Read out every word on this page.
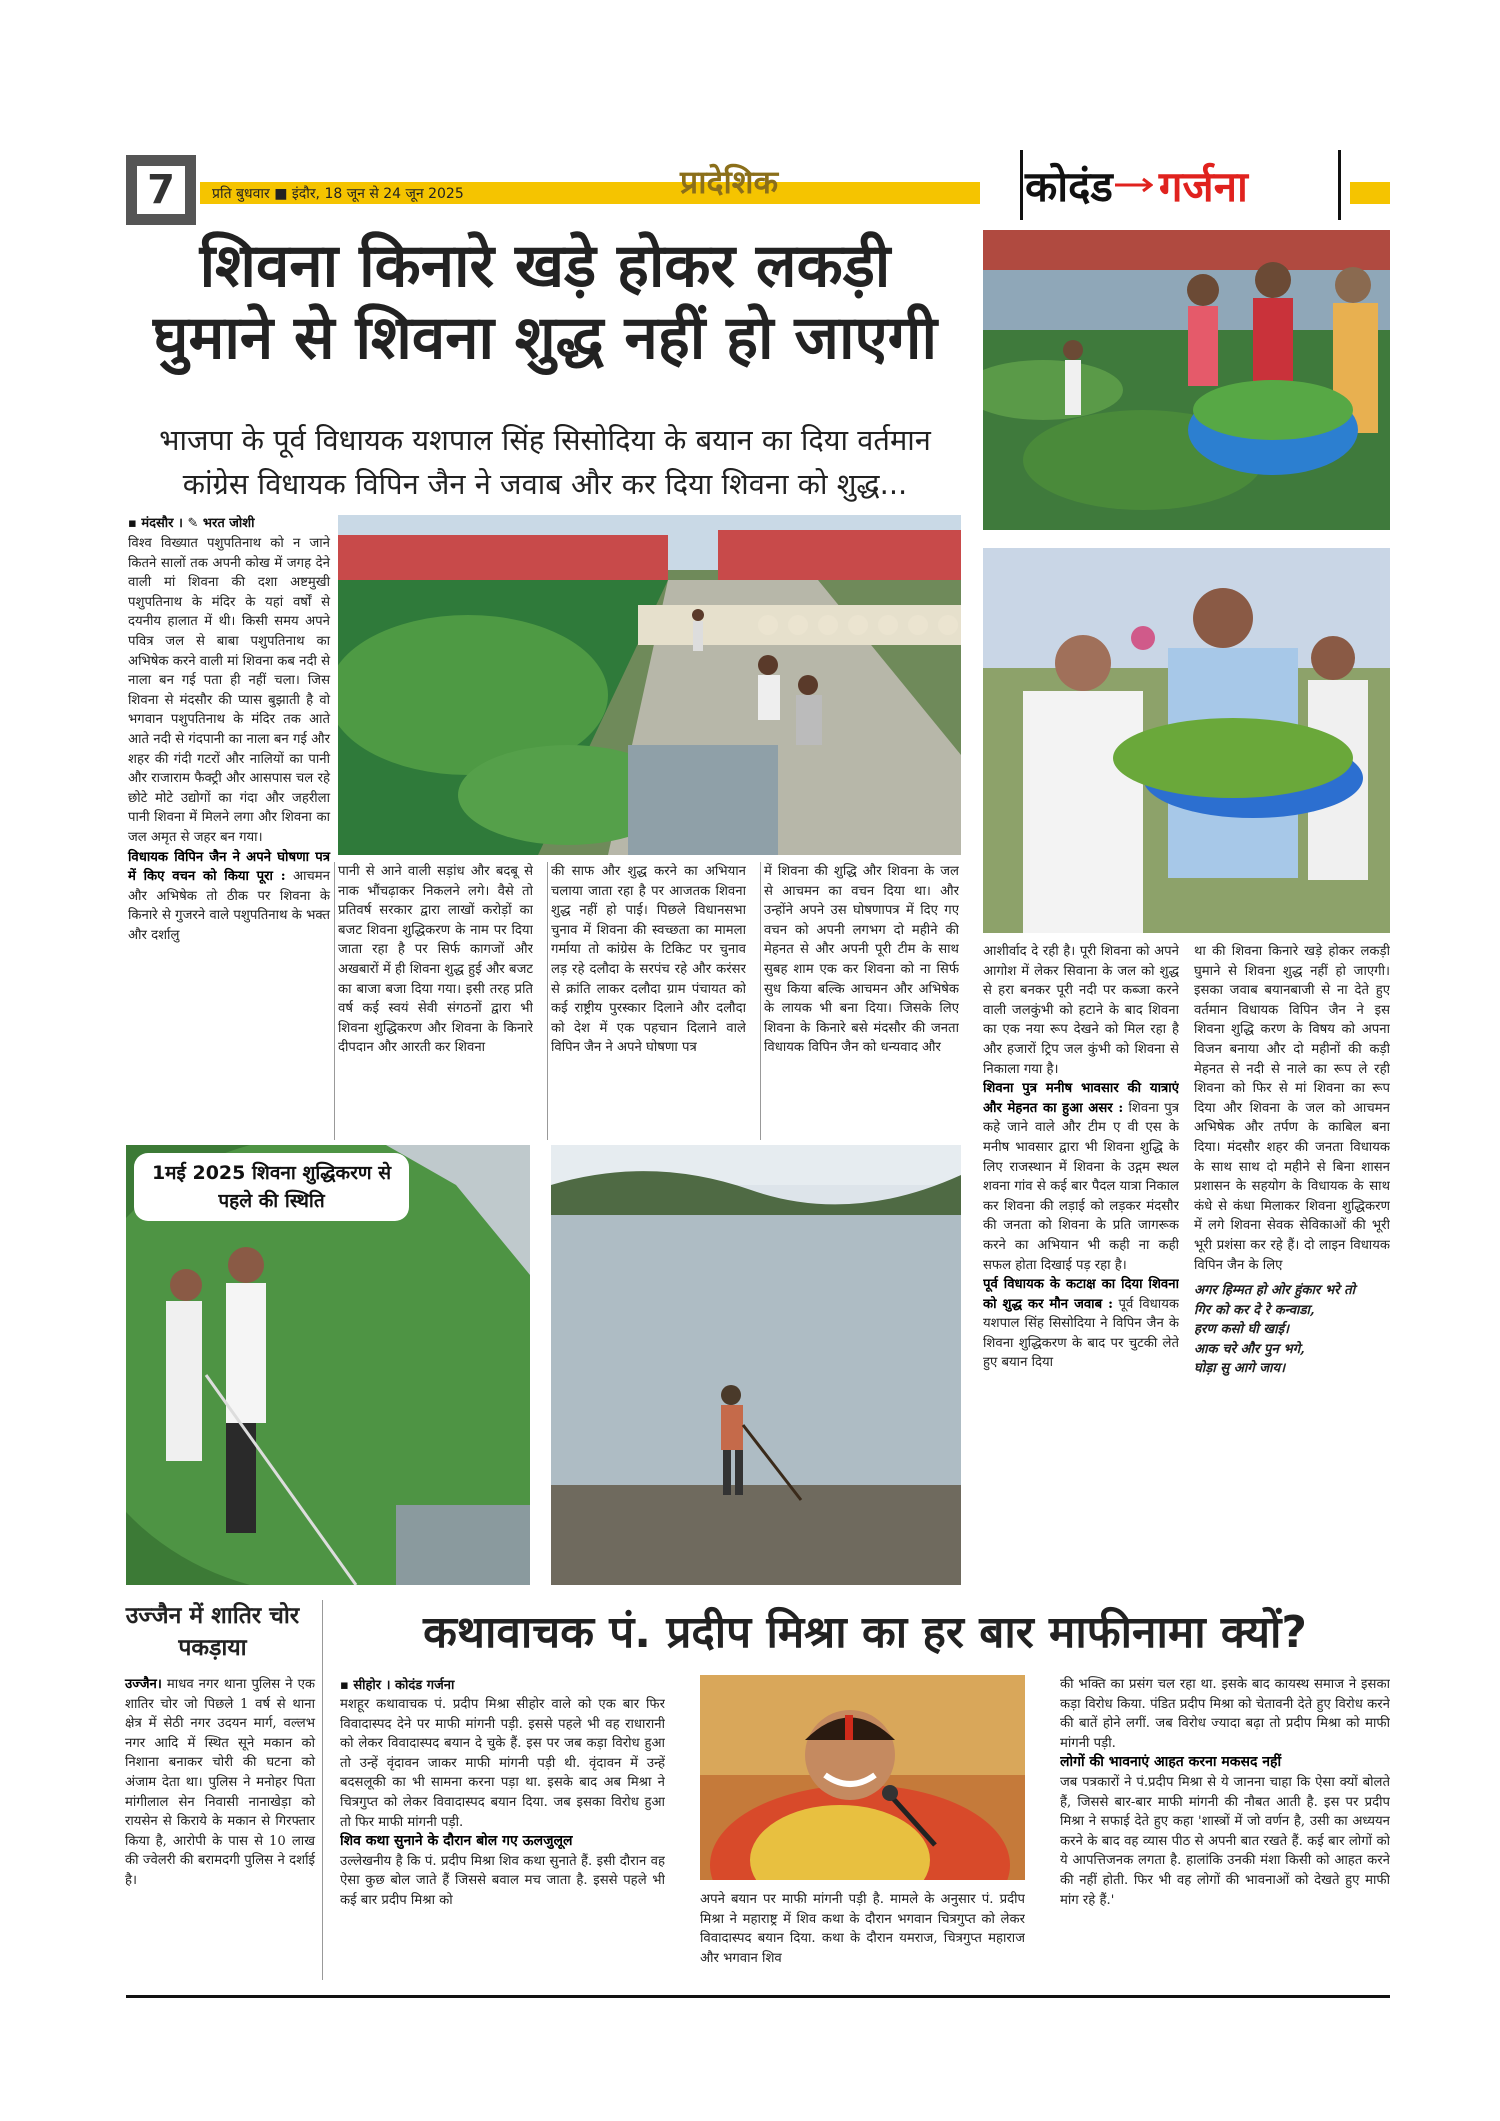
7	प्रति बुधवार ■ इंदौर, 18 जून से 24 जून 2025	प्रादेशिक	कोदंड गर्जना
शिवना किनारे खड़े होकर लकड़ी
घुमाने से शिवना शुद्ध नहीं हो जाएगी
भाजपा के पूर्व विधायक यशपाल सिंह सिसोदिया के बयान का दिया वर्तमान
कांग्रेस विधायक विपिन जैन ने जवाब और कर दिया शिवना को शुद्ध...
▪ मंदसौर । ✎ भरत जोशी
विश्व विख्यात पशुपतिनाथ को न जाने कितने सालों तक अपनी कोख में जगह देने वाली मां शिवना की दशा अष्टमुखी पशुपतिनाथ के मंदिर के यहां वर्षों से दयनीय हालात में थी। किसी समय अपने पवित्र जल से बाबा पशुपतिनाथ का अभिषेक करने वाली मां शिवना कब नदी से नाला बन गई पता ही नहीं चला। जिस शिवना से मंदसौर की प्यास बुझाती है वो भगवान पशुपतिनाथ के मंदिर तक आते आते नदी से गंदपानी का नाला बन गई और शहर की गंदी गटरों और नालियों का पानी और राजाराम फैक्ट्री और आसपास चल रहे छोटे मोटे उद्योगों का गंदा और जहरीला पानी शिवना में मिलने लगा और शिवना का जल अमृत से जहर बन गया।
विधायक विपिन जैन ने अपने घोषणा पत्र में किए वचन को किया पूरा : आचमन और अभिषेक तो ठीक पर शिवना के किनारे से गुजरने वाले पशुपतिनाथ के भक्त और दर्शालु
पानी से आने वाली सड़ांध और बदबू से नाक भौंचढ़ाकर निकलने लगे। वैसे तो प्रतिवर्ष सरकार द्वारा लाखों करोड़ों का बजट शिवना शुद्धिकरण के नाम पर दिया जाता रहा है पर सिर्फ कागजों और अखबारों में ही शिवना शुद्ध हुई और बजट का बाजा बजा दिया गया। इसी तरह प्रति वर्ष कई स्वयं सेवी संगठनों द्वारा भी शिवना शुद्धिकरण और शिवना के किनारे दीपदान और आरती कर शिवना
की साफ और शुद्ध करने का अभियान चलाया जाता रहा है पर आजतक शिवना शुद्ध नहीं हो पाई। पिछले विधानसभा चुनाव में शिवना की स्वच्छता का मामला गर्माया तो कांग्रेस के टिकिट पर चुनाव लड़ रहे दलौदा के सरपंच रहे और करंसर से क्रांति लाकर दलौदा ग्राम पंचायत को कई राष्ट्रीय पुरस्कार दिलाने और दलौदा को देश में एक पहचान दिलाने वाले विपिन जैन ने अपने घोषणा पत्र
में शिवना की शुद्धि और शिवना के जल से आचमन का वचन दिया था। और उन्होंने अपने उस घोषणापत्र में दिए गए वचन को अपनी लगभग दो महीने की मेहनत से और अपनी पूरी टीम के साथ सुबह शाम एक कर शिवना को ना सिर्फ सुध किया बल्कि आचमन और अभिषेक के लायक भी बना दिया। जिसके लिए शिवना के किनारे बसे मंदसौर की जनता विधायक विपिन जैन को धन्यवाद और
आशीर्वाद दे रही है। पूरी शिवना को अपने आगोश में लेकर सिवाना के जल को शुद्ध से हरा बनकर पूरी नदी पर कब्जा करने वाली जलकुंभी को हटाने के बाद शिवना का एक नया रूप देखने को मिल रहा है और हजारों ट्रिप जल कुंभी को शिवना से निकाला गया है।
शिवना पुत्र मनीष भावसार की यात्राएं और मेहनत का हुआ असर : शिवना पुत्र कहे जाने वाले और टीम ए वी एस के मनीष भावसार द्वारा भी शिवना शुद्धि के लिए राजस्थान में शिवना के उद्गम स्थल शवना गांव से कई बार पैदल यात्रा निकाल कर शिवना की लड़ाई को लड़कर मंदसौर की जनता को शिवना के प्रति जागरूक करने का अभियान भी कही ना कही सफल होता दिखाई पड़ रहा है।
पूर्व विधायक के कटाक्ष का दिया शिवना को शुद्ध कर मौन जवाब : पूर्व विधायक यशपाल सिंह सिसोदिया ने विपिन जैन के शिवना शुद्धिकरण के बाद पर चुटकी लेते हुए बयान दिया
था की शिवना किनारे खड़े होकर लकड़ी घुमाने से शिवना शुद्ध नहीं हो जाएगी। इसका जवाब बयानबाजी से ना देते हुए वर्तमान विधायक विपिन जैन ने इस शिवना शुद्धि करण के विषय को अपना विजन बनाया और दो महीनों की कड़ी मेहनत से नदी से नाले का रूप ले रही शिवना को फिर से मां शिवना का रूप दिया और शिवना के जल को आचमन अभिषेक और तर्पण के काबिल बना दिया। मंदसौर शहर की जनता विधायक के साथ साथ दो महीने से बिना शासन प्रशासन के सहयोग के विधायक के साथ कंधे से कंधा मिलाकर शिवना शुद्धिकरण में लगे शिवना सेवक सेविकाओं की भूरी भूरी प्रशंसा कर रहे हैं। दो लाइन विधायक विपिन जैन के लिए
अगर हिम्मत हो ओर हुंकार भरे तो
गिर को कर दे रे कन्वाडा,
हरण कसो घी खाई।
आक चरे और पुन भगे,
घोड़ा सु आगे जाय।
1मई 2025 शिवना शुद्धिकरण से पहले की स्थिति
उज्जैन में शातिर चोर पकड़ाया
उज्जैन। माधव नगर थाना पुलिस ने एक शातिर चोर जो पिछले 1 वर्ष से थाना क्षेत्र में सेठी नगर उदयन मार्ग, वल्लभ नगर आदि में स्थित सूने मकान को निशाना बनाकर चोरी की घटना को अंजाम देता था। पुलिस ने मनोहर पिता मांगीलाल सेन निवासी नानाखेड़ा को रायसेन से किराये के मकान से गिरफ्तार किया है, आरोपी के पास से 10 लाख की ज्वेलरी की बरामदगी पुलिस ने दर्शाई है।
कथावाचक पं. प्रदीप मिश्रा का हर बार माफीनामा क्यों?
▪ सीहोर । कोदंड गर्जना
मशहूर कथावाचक पं. प्रदीप मिश्रा सीहोर वाले को एक बार फिर विवादास्पद देने पर माफी मांगनी पड़ी. इससे पहले भी वह राधारानी को लेकर विवादास्पद बयान दे चुके हैं. इस पर जब कड़ा विरोध हुआ तो उन्हें वृंदावन जाकर माफी मांगनी पड़ी थी. वृंदावन में उन्हें बदसलूकी का भी सामना करना पड़ा था. इसके बाद अब मिश्रा ने चित्रगुप्त को लेकर विवादास्पद बयान दिया. जब इसका विरोध हुआ तो फिर माफी मांगनी पड़ी.
शिव कथा सुनाने के दौरान बोल गए ऊलजुलूल
उल्लेखनीय है कि पं. प्रदीप मिश्रा शिव कथा सुनाते हैं. इसी दौरान वह ऐसा कुछ बोल जाते हैं जिससे बवाल मच जाता है. इससे पहले भी कई बार प्रदीप मिश्रा को	अपने बयान पर माफी मांगनी पड़ी है. मामले के अनुसार पं. प्रदीप मिश्रा ने महाराष्ट्र में शिव कथा के दौरान भगवान चित्रगुप्त को लेकर विवादास्पद बयान दिया. कथा के दौरान यमराज, चित्रगुप्त महाराज और भगवान शिव
की भक्ति का प्रसंग चल रहा था. इसके बाद कायस्थ समाज ने इसका कड़ा विरोध किया. पंडित प्रदीप मिश्रा को चेतावनी देते हुए विरोध करने की बातें होने लगीं. जब विरोध ज्यादा बढ़ा तो प्रदीप मिश्रा को माफी मांगनी पड़ी.
लोगों की भावनाएं आहत करना मकसद नहीं
जब पत्रकारों ने पं.प्रदीप मिश्रा से ये जानना चाहा कि ऐसा क्यों बोलते हैं, जिससे बार-बार माफी मांगनी की नौबत आती है. इस पर प्रदीप मिश्रा ने सफाई देते हुए कहा 'शास्त्रों में जो वर्णन है, उसी का अध्ययन करने के बाद वह व्यास पीठ से अपनी बात रखते हैं. कई बार लोगों को ये आपत्तिजनक लगता है. हालांकि उनकी मंशा किसी को आहत करने की नहीं होती. फिर भी वह लोगों की भावनाओं को देखते हुए माफी मांग रहे हैं.'
